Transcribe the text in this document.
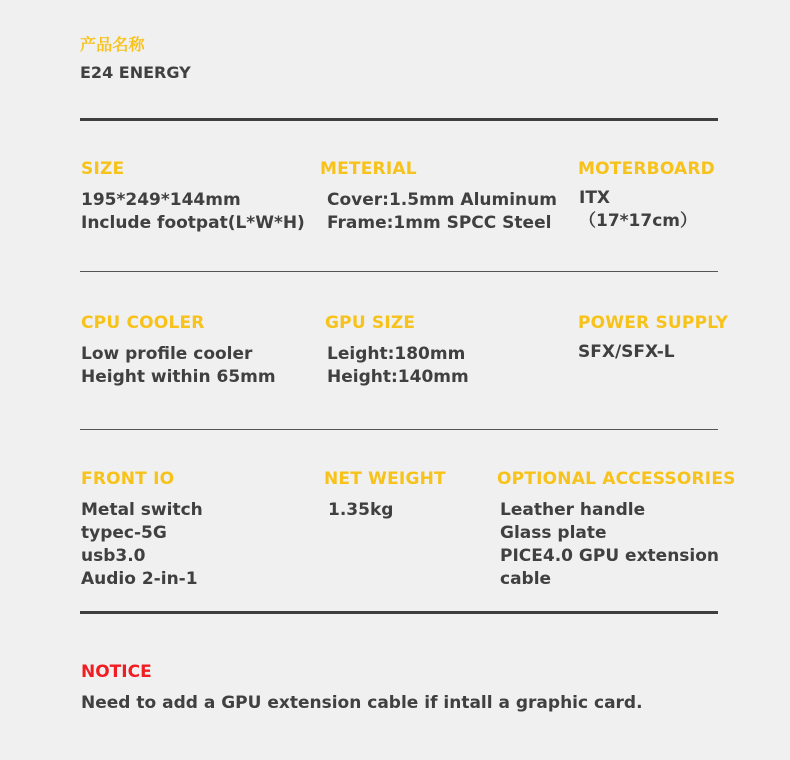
产品名称
E24 ENERGY
SIZE
195*249*144mm
Include footpat(L*W*H)
METERIAL
Cover:1.5mm Aluminum
Frame:1mm SPCC Steel
MOTERBOARD
ITX
（17*17cm）
CPU COOLER
Low profile cooler
Height within 65mm
GPU SIZE
Leight:180mm
Height:140mm
POWER SUPPLY
SFX/SFX-L
FRONT IO
Metal switch
typec-5G
usb3.0
Audio 2-in-1
NET WEIGHT
1.35kg
OPTIONAL ACCESSORIES
Leather handle
Glass plate
PICE4.0 GPU extension
cable
NOTICE
Need to add a GPU extension cable if intall a graphic card.
